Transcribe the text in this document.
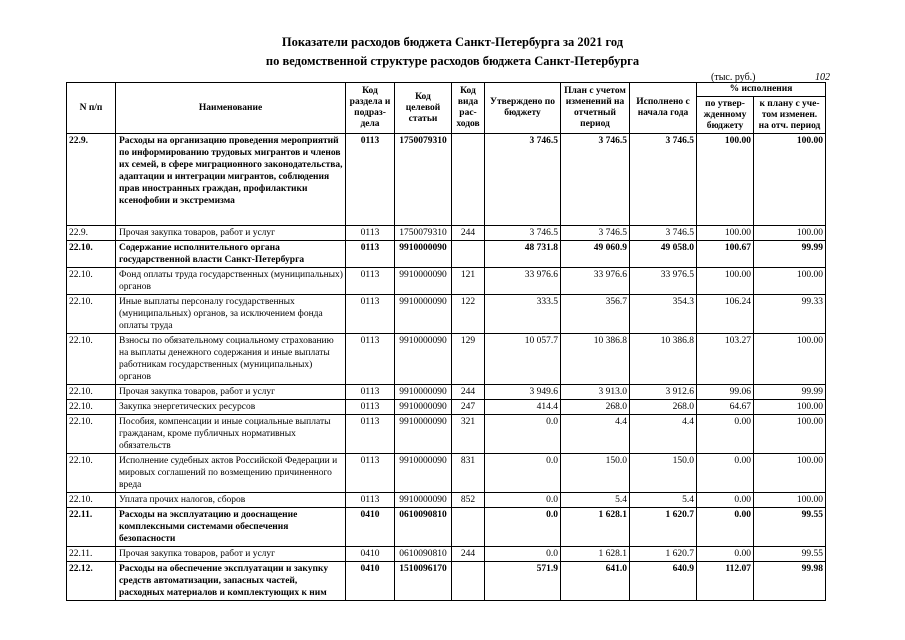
Показатели расходов бюджета Санкт-Петербурга за 2021 год
по ведомственной структуре расходов бюджета Санкт-Петербурга
(тыс. руб.)	102
N п/п	Наименование	Код раздела и подраз- дела	Код целевой статьи	Код вида рас- ходов	Утверждено по бюджету	План с учетом изменений на отчетный период	Исполнено с начала года	% исполнения	
								по утвер- жденному бюджету	к плану с уче- том изменен. на отч. период
22.9.	Расходы на организацию проведения мероприятий по информированию трудовых мигрантов и членов их семей, в сфере миграционного законодательства, адаптации и интеграции мигрантов, соблюдения прав иностранных граждан, профилактики ксенофобии и экстремизма	0113	1750079310		3 746.5	3 746.5	3 746.5	100.00	100.00
22.9.	Прочая закупка товаров, работ и услуг	0113	1750079310	244	3 746.5	3 746.5	3 746.5	100.00	100.00
22.10.	Содержание исполнительного органа государственной власти Санкт-Петербурга	0113	9910000090		48 731.8	49 060.9	49 058.0	100.67	99.99
22.10.	Фонд оплаты труда государственных (муниципальных) органов	0113	9910000090	121	33 976.6	33 976.6	33 976.5	100.00	100.00
22.10.	Иные выплаты персоналу государственных (муниципальных) органов, за исключением фонда оплаты труда	0113	9910000090	122	333.5	356.7	354.3	106.24	99.33
22.10.	Взносы по обязательному социальному страхованию на выплаты денежного содержания и иные выплаты работникам государственных (муниципальных) органов	0113	9910000090	129	10 057.7	10 386.8	10 386.8	103.27	100.00
22.10.	Прочая закупка товаров, работ и услуг	0113	9910000090	244	3 949.6	3 913.0	3 912.6	99.06	99.99
22.10.	Закупка энергетических ресурсов	0113	9910000090	247	414.4	268.0	268.0	64.67	100.00
22.10.	Пособия, компенсации и иные социальные выплаты гражданам, кроме публичных нормативных обязательств	0113	9910000090	321	0.0	4.4	4.4	0.00	100.00
22.10.	Исполнение судебных актов Российской Федерации и мировых соглашений по возмещению причиненного вреда	0113	9910000090	831	0.0	150.0	150.0	0.00	100.00
22.10.	Уплата прочих налогов, сборов	0113	9910000090	852	0.0	5.4	5.4	0.00	100.00
22.11.	Расходы на эксплуатацию и дооснащение комплексными системами обеспечения безопасности	0410	0610090810		0.0	1 628.1	1 620.7	0.00	99.55
22.11.	Прочая закупка товаров, работ и услуг	0410	0610090810	244	0.0	1 628.1	1 620.7	0.00	99.55
22.12.	Расходы на обеспечение эксплуатации и закупку средств автоматизации, запасных частей, расходных материалов и комплектующих к ним	0410	1510096170		571.9	641.0	640.9	112.07	99.98
